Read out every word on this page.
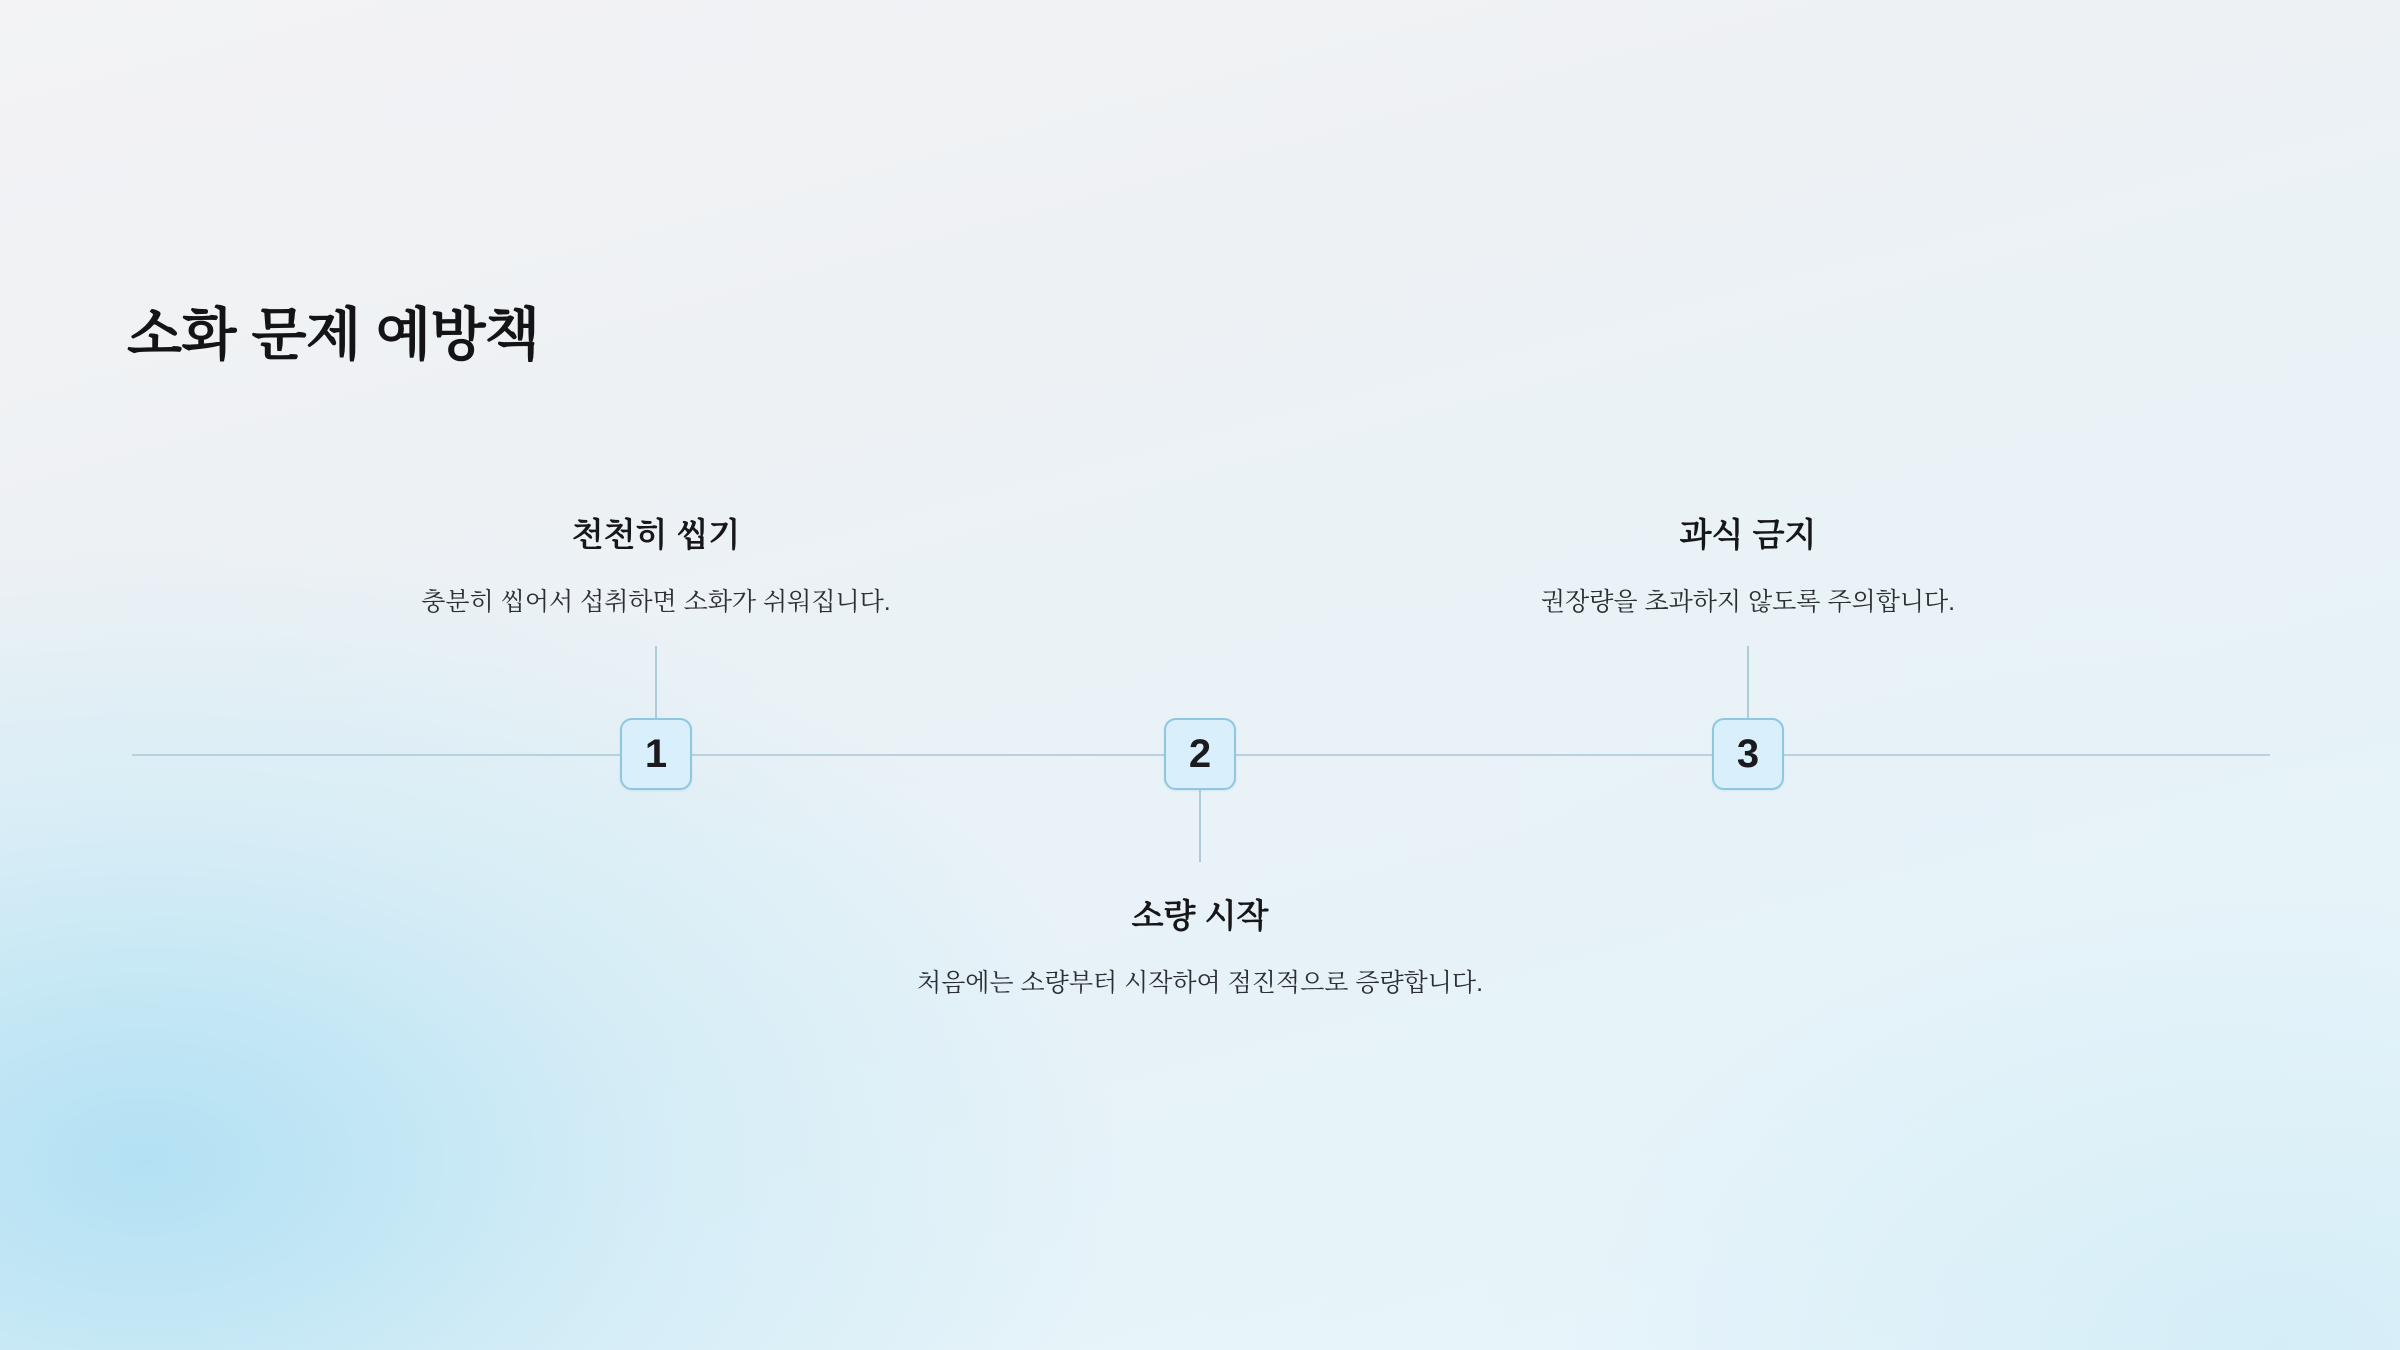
소화 문제 예방책
천천히 씹기
충분히 씹어서 섭취하면 소화가 쉬워집니다.
1
소량 시작
처음에는 소량부터 시작하여 점진적으로 증량합니다.
2
과식 금지
권장량을 초과하지 않도록 주의합니다.
3
